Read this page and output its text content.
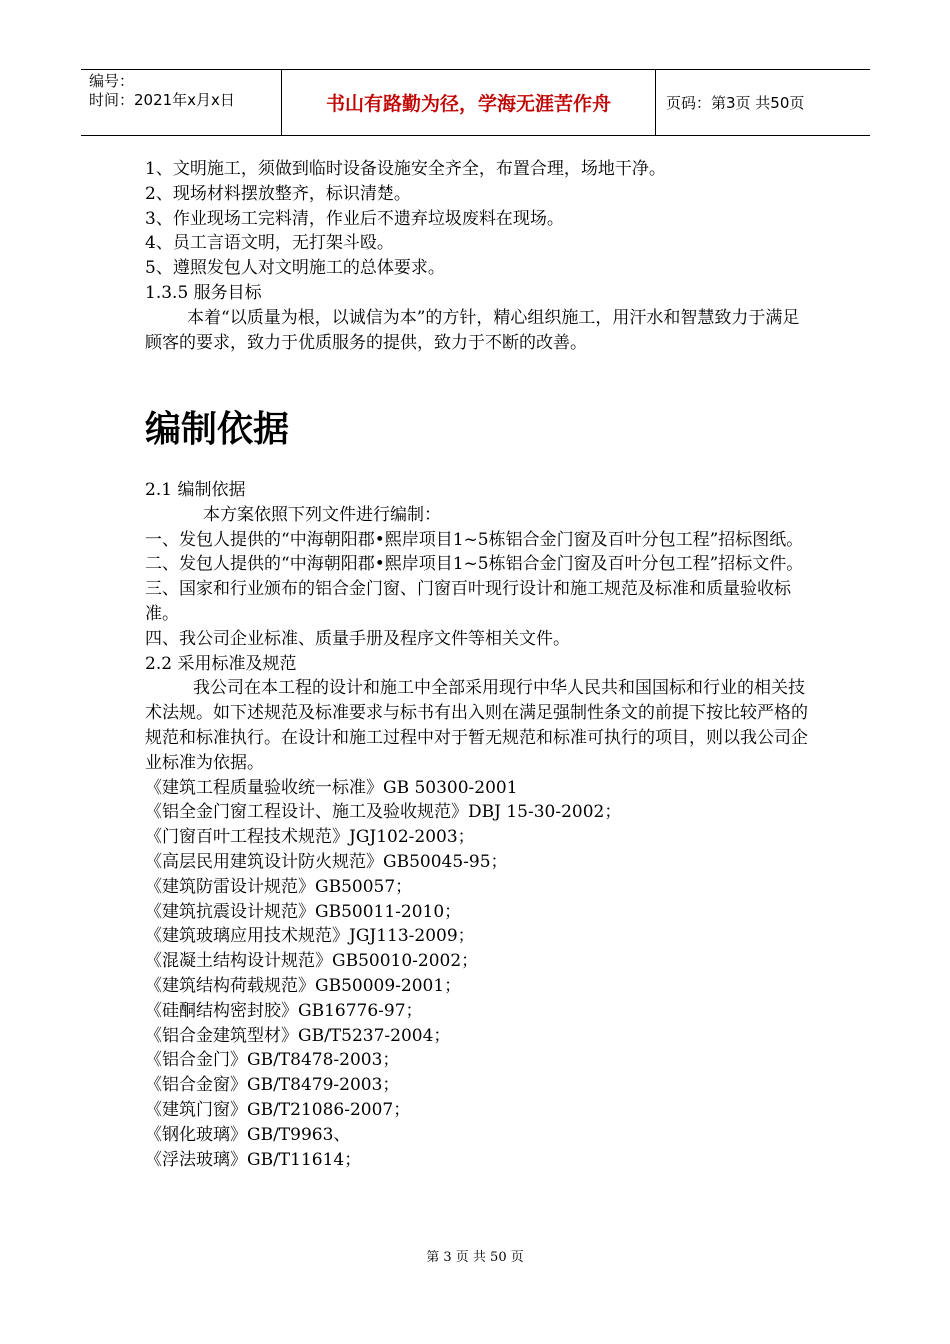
编号：
时间：2021年x月x日	书山有路勤为径，学海无涯苦作舟	页码：第3页 共50页

1、文明施工，须做到临时设备设施安全齐全，布置合理，场地干净。

2、现场材料摆放整齐，标识清楚。

3、作业现场工完料清，作业后不遗弃垃圾废料在现场。

4、员工言语文明，无打架斗殴。

5、遵照发包人对文明施工的总体要求。

1.3.5 服务目标

本着“以质量为根，以诚信为本”的方针，精心组织施工，用汗水和智慧致力于满足顾客的要求，致力于优质服务的提供，致力于不断的改善。

编制依据

2.1 编制依据

本方案依照下列文件进行编制：

一、发包人提供的“中海朝阳郡•熙岸项目1~5栋铝合金门窗及百叶分包工程”招标图纸。

二、发包人提供的“中海朝阳郡•熙岸项目1~5栋铝合金门窗及百叶分包工程”招标文件。

三、国家和行业颁布的铝合金门窗、门窗百叶现行设计和施工规范及标准和质量验收标准。

四、我公司企业标准、质量手册及程序文件等相关文件。

2.2 采用标准及规范

我公司在本工程的设计和施工中全部采用现行中华人民共和国国标和行业的相关技术法规。如下述规范及标准要求与标书有出入则在满足强制性条文的前提下按比较严格的规范和标准执行。在设计和施工过程中对于暂无规范和标准可执行的项目，则以我公司企业标准为依据。

《建筑工程质量验收统一标准》GB 50300-2001

《铝全金门窗工程设计、施工及验收规范》DBJ 15-30-2002；

《门窗百叶工程技术规范》JGJ102-2003；

《高层民用建筑设计防火规范》GB50045-95；

《建筑防雷设计规范》GB50057；

《建筑抗震设计规范》GB50011-2010；

《建筑玻璃应用技术规范》JGJ113-2009；

《混凝土结构设计规范》GB50010-2002；

《建筑结构荷载规范》GB50009-2001；

《硅酮结构密封胶》GB16776-97；

《铝合金建筑型材》GB/T5237-2004；

《铝合金门》GB/T8478-2003；

《铝合金窗》GB/T8479-2003；

《建筑门窗》GB/T21086-2007；

《钢化玻璃》GB/T9963、

《浮法玻璃》GB/T11614；

第 3 页 共 50 页
